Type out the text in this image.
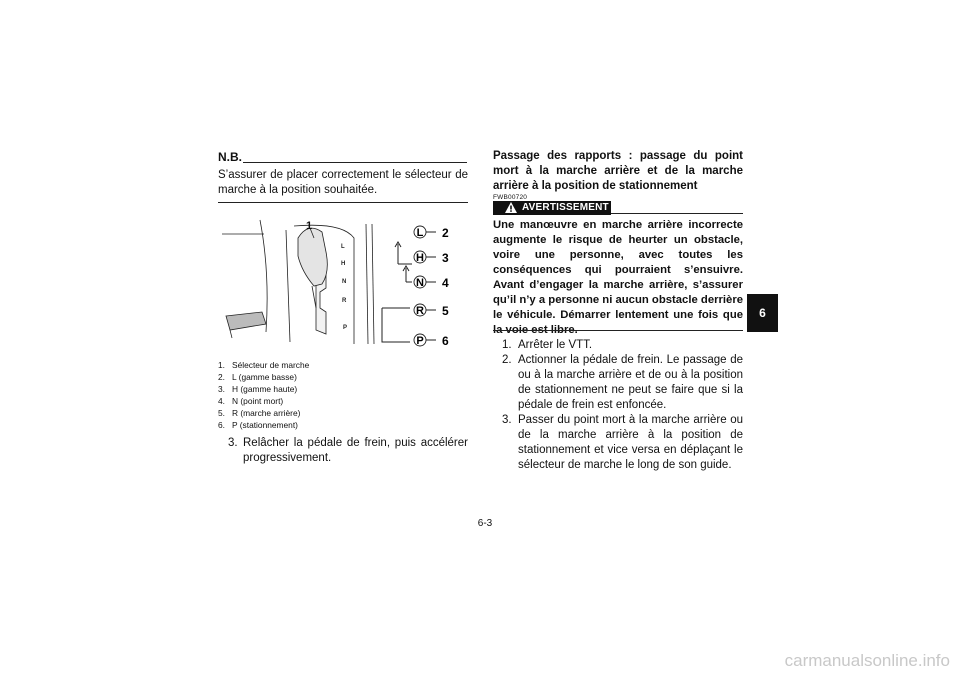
N.B.
S’assurer de placer correctement le sélecteur de marche à la position souhaitée.
1
L
H
N
R
P
L 2
H 3
N 4
R 5
P 6
1. Sélecteur de marche
2. L (gamme basse)
3. H (gamme haute)
4. N (point mort)
5. R (marche arrière)
6. P (stationnement)
3. Relâcher la pédale de frein, puis accélérer progressivement.
Passage des rapports : passage du point mort à la marche arrière et de la marche arrière à la position de stationnement
FWB00720
AVERTISSEMENT
Une manœuvre en marche arrière incorrecte augmente le risque de heurter un obstacle, voire une personne, avec toutes les conséquences qui pourraient s’ensuivre. Avant d’engager la marche arrière, s’assurer qu’il n’y a personne ni aucun obstacle derrière le véhicule. Démarrer lentement une fois que la voie est libre.
1. Arrêter le VTT.
2. Actionner la pédale de frein. Le passage de ou à la marche arrière et de ou à la position de stationnement ne peut se faire que si la pédale de frein est enfoncée.
3. Passer du point mort à la marche arrière ou de la marche arrière à la position de stationnement et vice versa en déplaçant le sélecteur de marche le long de son guide.
6
6-3
carmanualsonline.info
